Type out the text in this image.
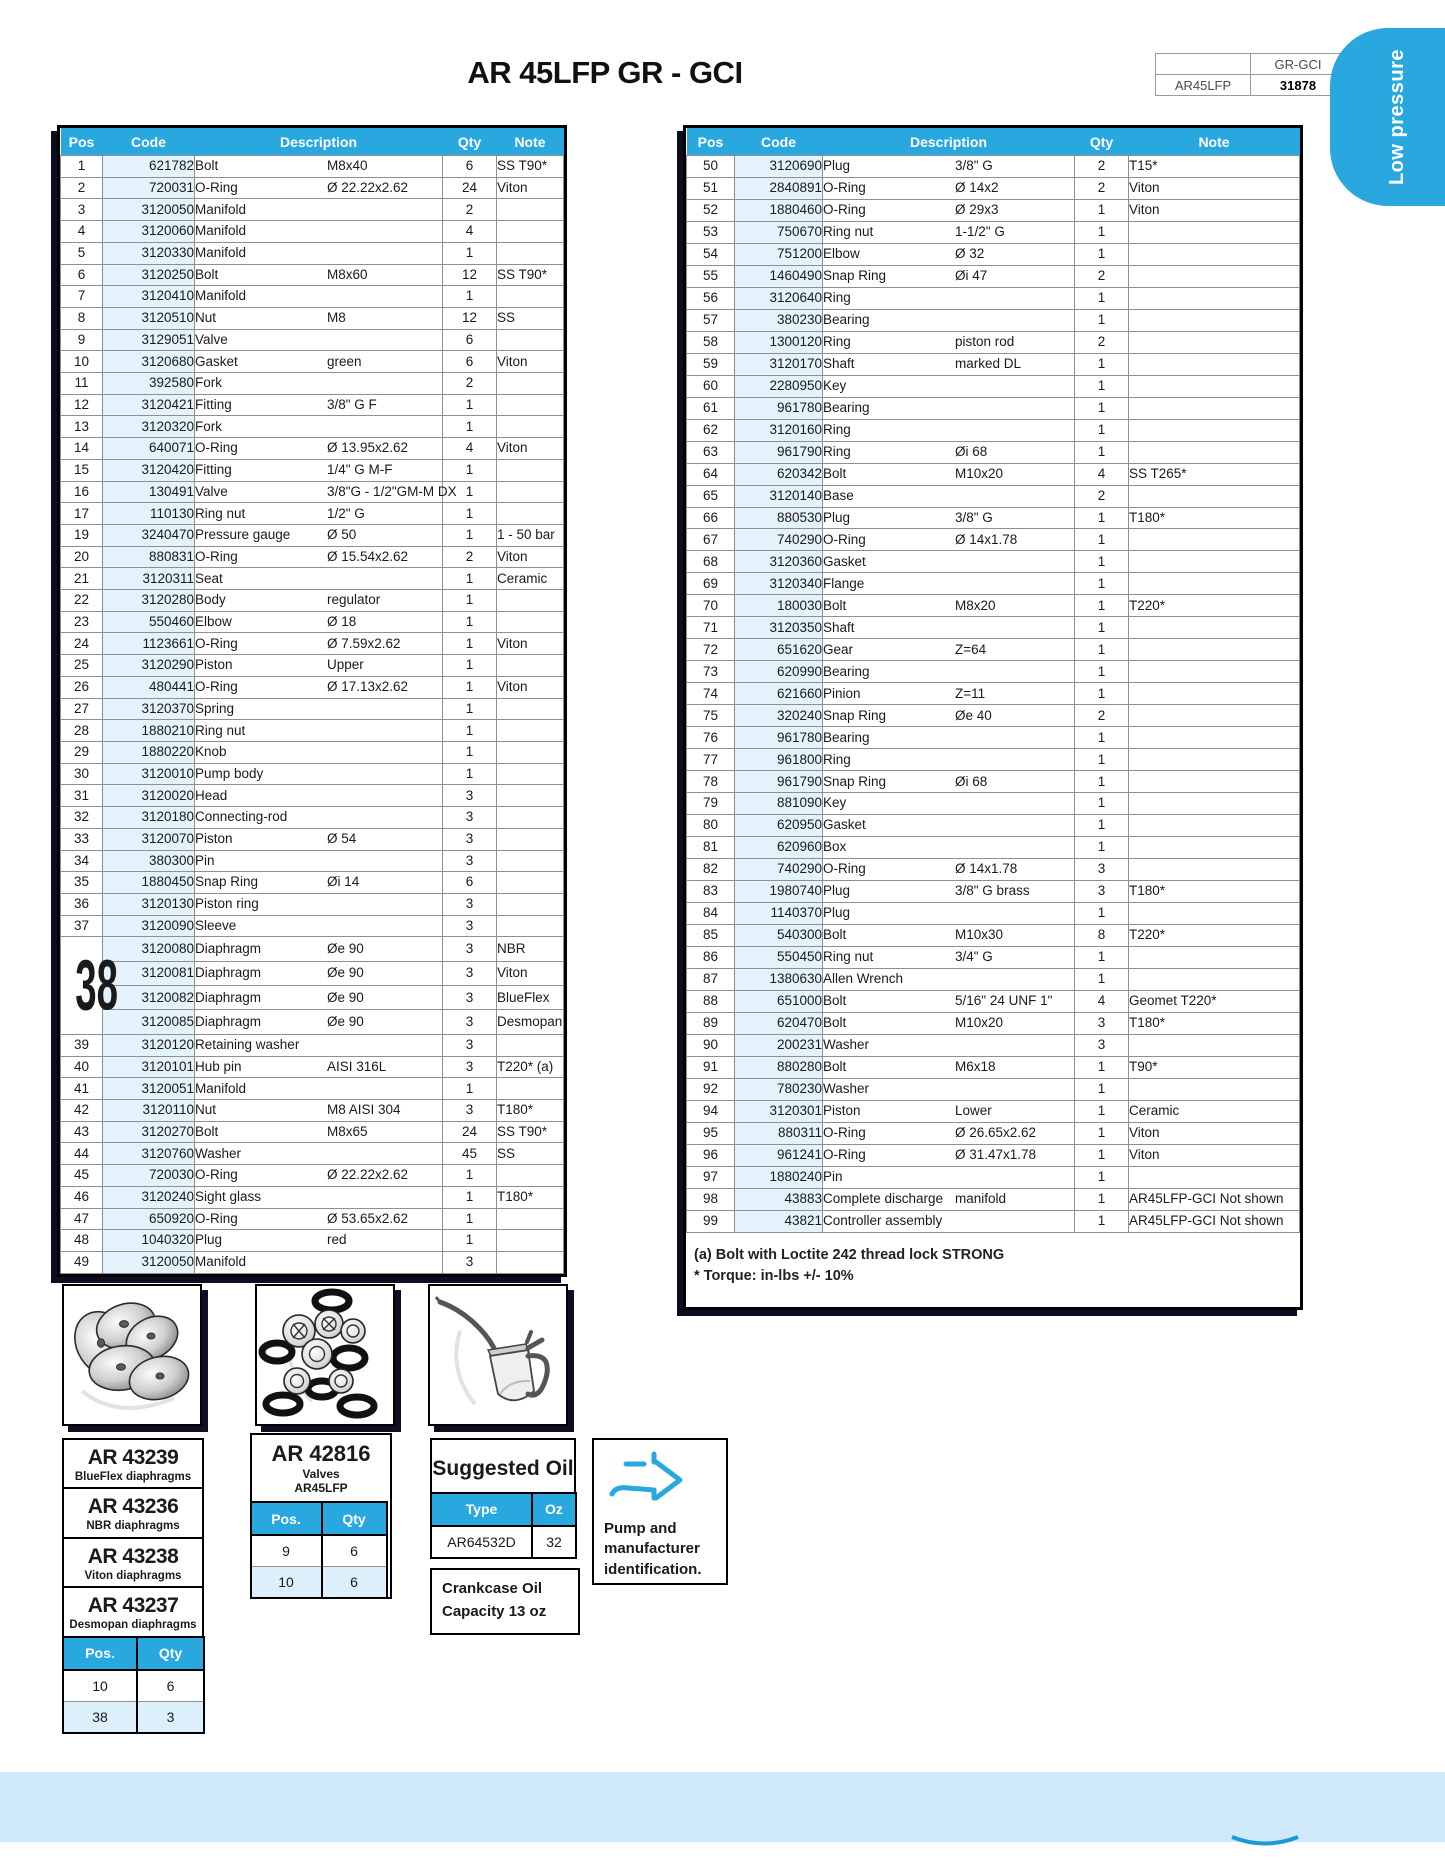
AR 45LFP GR - GCI
		GR-GCI
AR45LFP	31878	Low pressure
Pos	Code	Description	Qty	Note
1	621782	Bolt M8x40	6	SS T90*
2	720031	O-Ring Ø 22.22x2.62	24	Viton
3	3120050	Manifold	2	
4	3120060	Manifold	4	
5	3120330	Manifold	1	
6	3120250	Bolt M8x60	12	SS T90*
7	3120410	Manifold	1	
8	3120510	Nut M8	12	SS
9	3129051	Valve	6	
10	3120680	Gasket green	6	Viton
11	392580	Fork	2	
12	3120421	Fitting 3/8" G F	1	
13	3120320	Fork	1	
14	640071	O-Ring Ø 13.95x2.62	4	Viton
15	3120420	Fitting 1/4" G M-F	1	
16	130491	Valve 3/8"G - 1/2"GM-M DX	1	
17	110130	Ring nut 1/2" G	1	
19	3240470	Pressure gauge Ø 50	1	1 - 50 bar
20	880831	O-Ring Ø 15.54x2.62	2	Viton
21	3120311	Seat	1	Ceramic
22	3120280	Body regulator	1	
23	550460	Elbow Ø 18	1	
24	1123661	O-Ring Ø 7.59x2.62	1	Viton
25	3120290	Piston Upper	1	
26	480441	O-Ring Ø 17.13x2.62	1	Viton
27	3120370	Spring	1	
28	1880210	Ring nut	1	
29	1880220	Knob	1	
30	3120010	Pump body	1	
31	3120020	Head	3	
32	3120180	Connecting-rod	3	
33	3120070	Piston Ø 54	3	
34	380300	Pin	3	
35	1880450	Snap Ring Øi 14	6	
36	3120130	Piston ring	3	
37	3120090	Sleeve	3	
38	3120080	Diaphragm Øe 90	3	NBR
	3120081	Diaphragm Øe 90	3	Viton
	3120082	Diaphragm Øe 90	3	BlueFlex
	3120085	Diaphragm Øe 90	3	Desmopan
39	3120120	Retaining washer	3	
40	3120101	Hub pin AISI 316L	3	T220* (a)
41	3120051	Manifold	1	
42	3120110	Nut M8 AISI 304	3	T180*
43	3120270	Bolt M8x65	24	SS T90*
44	3120760	Washer	45	SS
45	720030	O-Ring Ø 22.22x2.62	1	
46	3120240	Sight glass	1	T180*
47	650920	O-Ring Ø 53.65x2.62	1	
48	1040320	Plug red	1	
49	3120050	Manifold	3	
Pos	Code	Description	Qty	Note
50	3120690	Plug 3/8" G	2	T15*
51	2840891	O-Ring Ø 14x2	2	Viton
52	1880460	O-Ring Ø 29x3	1	Viton
53	750670	Ring nut 1-1/2" G	1	
54	751200	Elbow Ø 32	1	
55	1460490	Snap Ring Øi 47	2	
56	3120640	Ring	1	
57	380230	Bearing	1	
58	1300120	Ring piston rod	2	
59	3120170	Shaft marked DL	1	
60	2280950	Key	1	
61	961780	Bearing	1	
62	3120160	Ring	1	
63	961790	Ring Øi 68	1	
64	620342	Bolt M10x20	4	SS T265*
65	3120140	Base	2	
66	880530	Plug 3/8" G	1	T180*
67	740290	O-Ring Ø 14x1.78	1	
68	3120360	Gasket	1	
69	3120340	Flange	1	
70	180030	Bolt M8x20	1	T220*
71	3120350	Shaft	1	
72	651620	Gear Z=64	1	
73	620990	Bearing	1	
74	621660	Pinion Z=11	1	
75	320240	Snap Ring Øe 40	2	
76	961780	Bearing	1	
77	961800	Ring	1	
78	961790	Snap Ring Øi 68	1	
79	881090	Key	1	
80	620950	Gasket	1	
81	620960	Box	1	
82	740290	O-Ring Ø 14x1.78	3	
83	1980740	Plug 3/8" G brass	3	T180*
84	1140370	Plug	1	
85	540300	Bolt M10x30	8	T220*
86	550450	Ring nut 3/4" G	1	
87	1380630	Allen Wrench	1	
88	651000	Bolt 5/16" 24 UNF 1"	4	Geomet T220*
89	620470	Bolt M10x20	3	T180*
90	200231	Washer	3	
91	880280	Bolt M6x18	1	T90*
92	780230	Washer	1	
94	3120301	Piston Lower	1	Ceramic
95	880311	O-Ring Ø 26.65x2.62	1	Viton
96	961241	O-Ring Ø 31.47x1.78	1	Viton
97	1880240	Pin	1	
98	43883	Complete discharge manifold	1	AR45LFP-GCI Not shown
99	43821	Controller assembly	1	AR45LFP-GCI Not shown
(a) Bolt with Loctite 242 thread lock STRONG
* Torque: in-lbs +/- 10%
AR 43239
BlueFlex diaphragms
AR 43236
NBR diaphragms
AR 43238
Viton diaphragms
AR 43237
Desmopan diaphragms
Pos.	Qty
10	6
38	3
AR 42816
Valves
AR45LFP
Pos.	Qty
9	6
10	6
Suggested Oil
Type	Oz
AR64532D	32
Crankcase Oil
Capacity 13 oz
Pump and manufacturer identification.
